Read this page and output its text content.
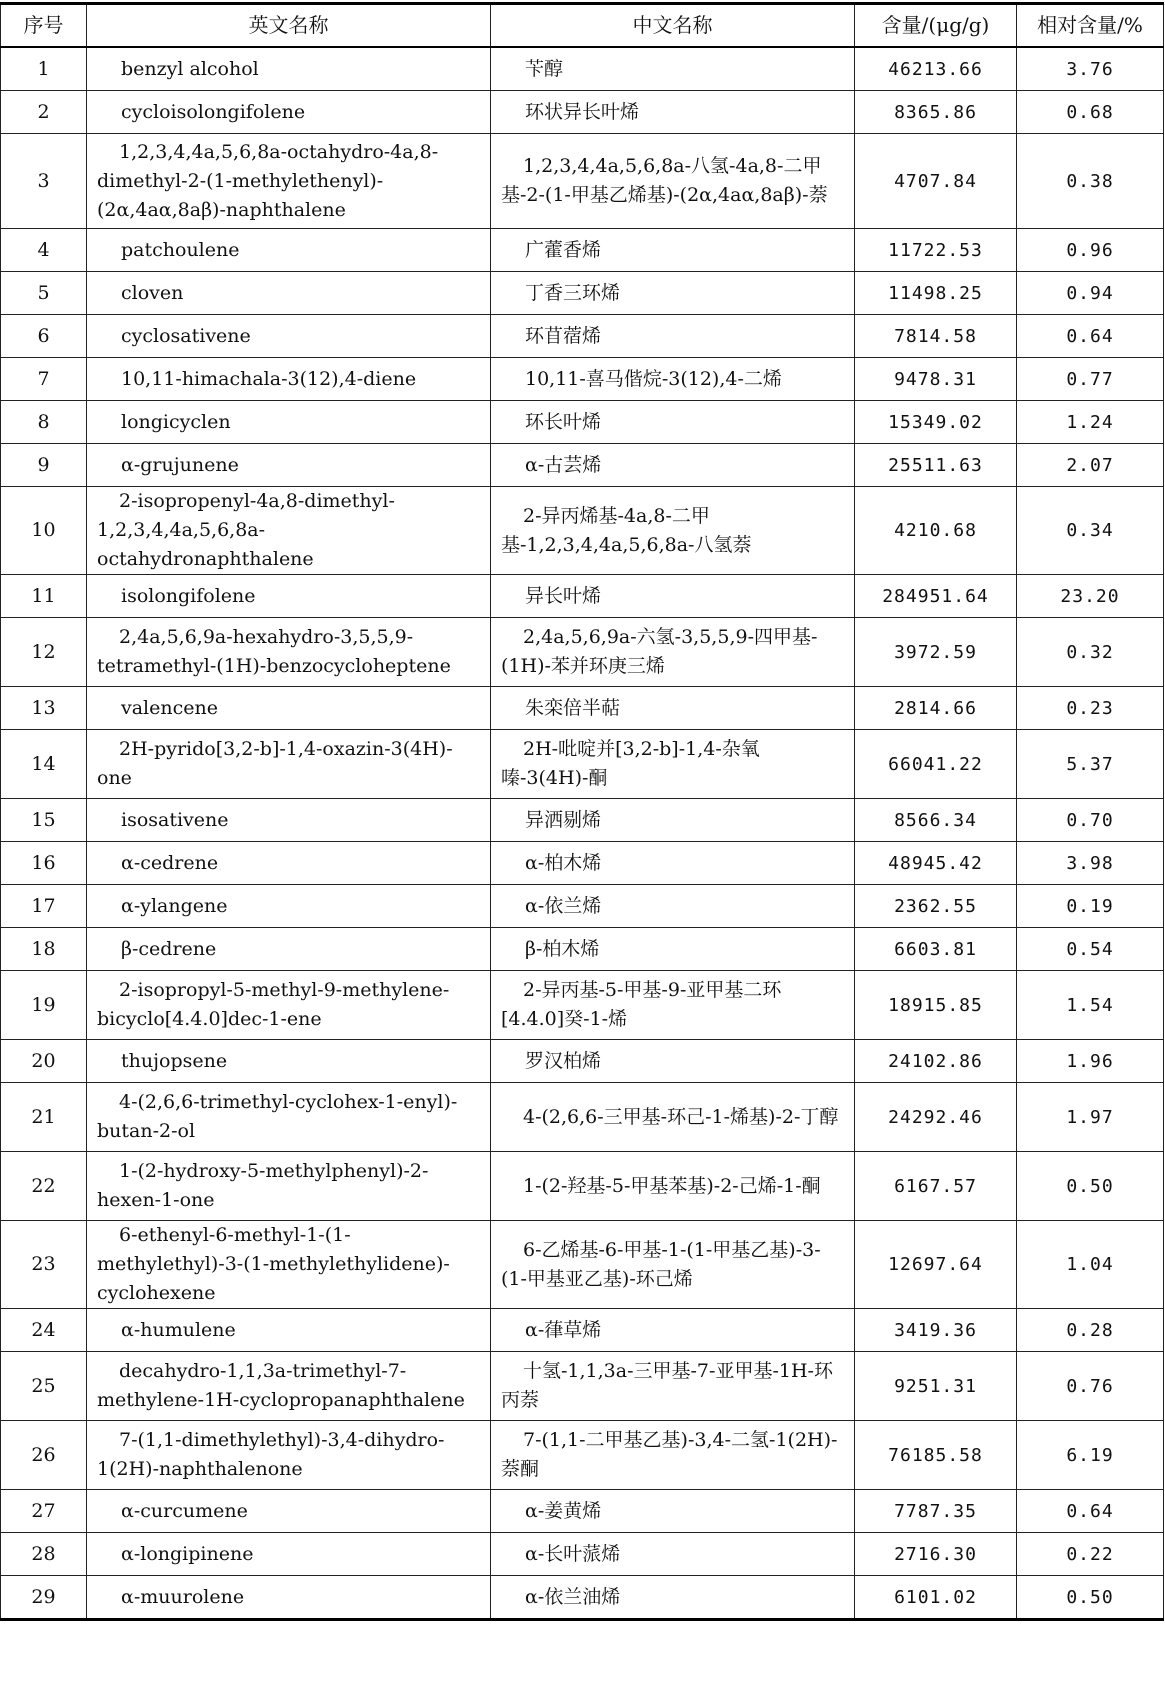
序号	英文名称	中文名称	含量/(μg/g)	相对含量/%
1	benzyl alcohol	苄醇	46213.66	3.76
2	cycloisolongifolene	环状异长叶烯	8365.86	0.68
3	1,2,3,4,4a,5,6,8a-octahydro-4a,8-dimethyl-2-(1-methylethenyl)-(2α,4aα,8aβ)-naphthalene	1,2,3,4,4a,5,6,8a-八氢-4a,8-二甲基-2-(1-甲基乙烯基)-(2α,4aα,8aβ)-萘	4707.84	0.38
4	patchoulene	广藿香烯	11722.53	0.96
5	cloven	丁香三环烯	11498.25	0.94
6	cyclosativene	环苜蓿烯	7814.58	0.64
7	10,11-himachala-3(12),4-diene	10,11-喜马偕烷-3(12),4-二烯	9478.31	0.77
8	longicyclen	环长叶烯	15349.02	1.24
9	α-grujunene	α-古芸烯	25511.63	2.07
10	2-isopropenyl-4a,8-dimethyl-1,2,3,4,4a,5,6,8a-octahydronaphthalene	2-异丙烯基-4a,8-二甲基-1,2,3,4,4a,5,6,8a-八氢萘	4210.68	0.34
11	isolongifolene	异长叶烯	284951.64	23.20
12	2,4a,5,6,9a-hexahydro-3,5,5,9-tetramethyl-(1H)-benzocycloheptene	2,4a,5,6,9a-六氢-3,5,5,9-四甲基-(1H)-苯并环庚三烯	3972.59	0.32
13	valencene	朱栾倍半萜	2814.66	0.23
14	2H-pyrido[3,2-b]-1,4-oxazin-3(4H)-one	2H-吡啶并[3,2-b]-1,4-杂氧嗪-3(4H)-酮	66041.22	5.37
15	isosativene	异洒剔烯	8566.34	0.70
16	α-cedrene	α-柏木烯	48945.42	3.98
17	α-ylangene	α-依兰烯	2362.55	0.19
18	β-cedrene	β-柏木烯	6603.81	0.54
19	2-isopropyl-5-methyl-9-methylene-bicyclo[4.4.0]dec-1-ene	2-异丙基-5-甲基-9-亚甲基二环[4.4.0]癸-1-烯	18915.85	1.54
20	thujopsene	罗汉柏烯	24102.86	1.96
21	4-(2,6,6-trimethyl-cyclohex-1-enyl)-butan-2-ol	4-(2,6,6-三甲基-环己-1-烯基)-2-丁醇	24292.46	1.97
22	1-(2-hydroxy-5-methylphenyl)-2-hexen-1-one	1-(2-羟基-5-甲基苯基)-2-己烯-1-酮	6167.57	0.50
23	6-ethenyl-6-methyl-1-(1-methylethyl)-3-(1-methylethylidene)-cyclohexene	6-乙烯基-6-甲基-1-(1-甲基乙基)-3-(1-甲基亚乙基)-环己烯	12697.64	1.04
24	α-humulene	α-葎草烯	3419.36	0.28
25	decahydro-1,1,3a-trimethyl-7-methylene-1H-cyclopropanaphthalene	十氢-1,1,3a-三甲基-7-亚甲基-1H-环丙萘	9251.31	0.76
26	7-(1,1-dimethylethyl)-3,4-dihydro-1(2H)-naphthalenone	7-(1,1-二甲基乙基)-3,4-二氢-1(2H)-萘酮	76185.58	6.19
27	α-curcumene	α-姜黄烯	7787.35	0.64
28	α-longipinene	α-长叶蒎烯	2716.30	0.22
29	α-muurolene	α-依兰油烯	6101.02	0.50
